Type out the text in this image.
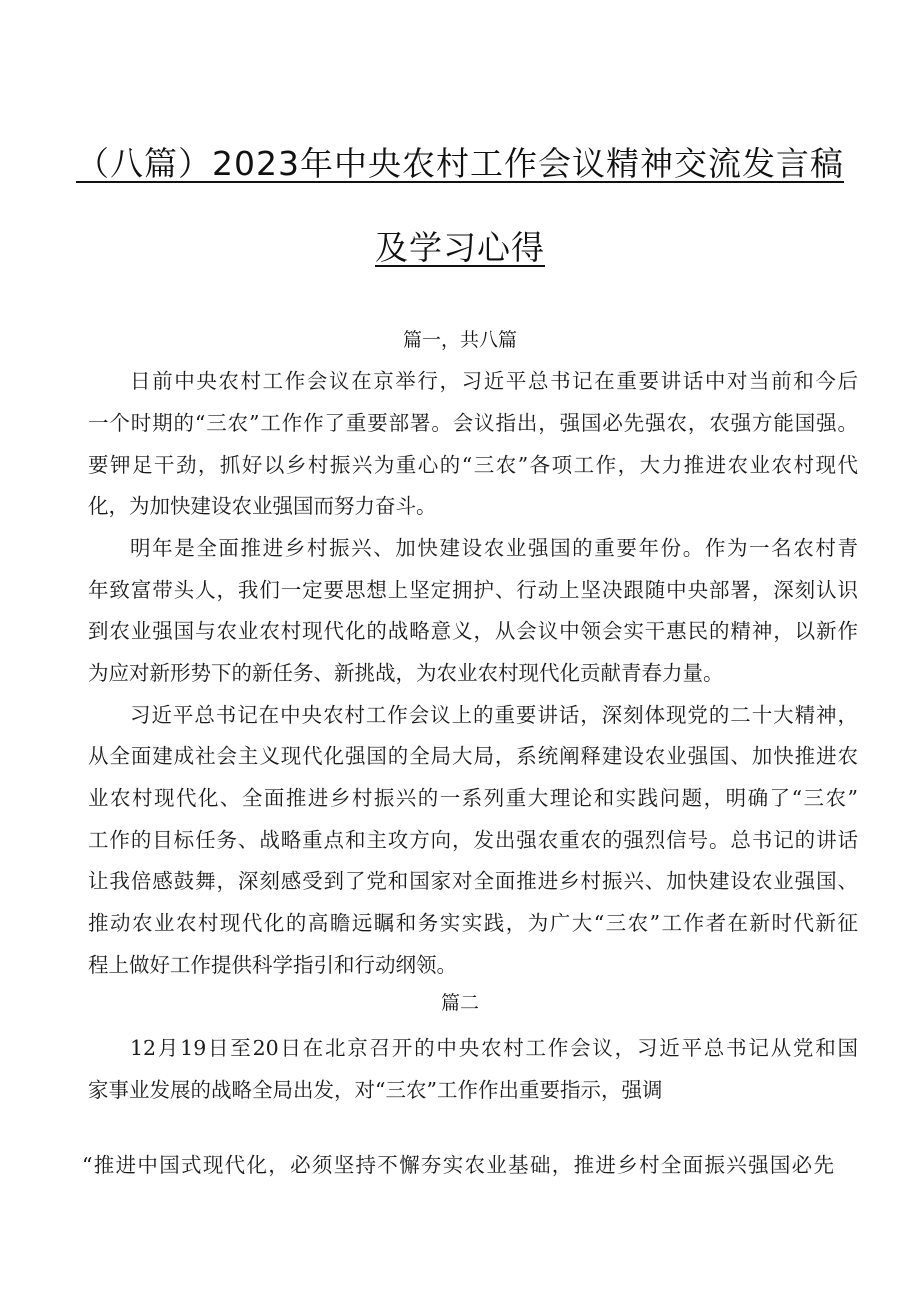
（八篇）2023年中央农村工作会议精神交流发言稿
及学习心得
篇一，共八篇
日前中央农村工作会议在京举行，习近平总书记在重要讲话中对当前和今后
一个时期的“三农”工作作了重要部署。会议指出，强国必先强农，农强方能国强。
要钾足干劲，抓好以乡村振兴为重心的“三农”各项工作，大力推进农业农村现代
化，为加快建设农业强国而努力奋斗。
明年是全面推进乡村振兴、加快建设农业强国的重要年份。作为一名农村青
年致富带头人，我们一定要思想上坚定拥护、行动上坚决跟随中央部署，深刻认识
到农业强国与农业农村现代化的战略意义，从会议中领会实干惠民的精神，以新作
为应对新形势下的新任务、新挑战，为农业农村现代化贡献青春力量。
习近平总书记在中央农村工作会议上的重要讲话，深刻体现党的二十大精神，
从全面建成社会主义现代化强国的全局大局，系统阐释建设农业强国、加快推进农
业农村现代化、全面推进乡村振兴的一系列重大理论和实践问题，明确了“三农”
工作的目标任务、战略重点和主攻方向，发出强农重农的强烈信号。总书记的讲话
让我倍感鼓舞，深刻感受到了党和国家对全面推进乡村振兴、加快建设农业强国、
推动农业农村现代化的高瞻远瞩和务实实践，为广大“三农”工作者在新时代新征
程上做好工作提供科学指引和行动纲领。
篇二
12月19日至20日在北京召开的中央农村工作会议，习近平总书记从党和国
家事业发展的战略全局出发，对“三农”工作作出重要指示，强调
“推进中国式现代化，必须坚持不懈夯实农业基础，推进乡村全面振兴强国必先
